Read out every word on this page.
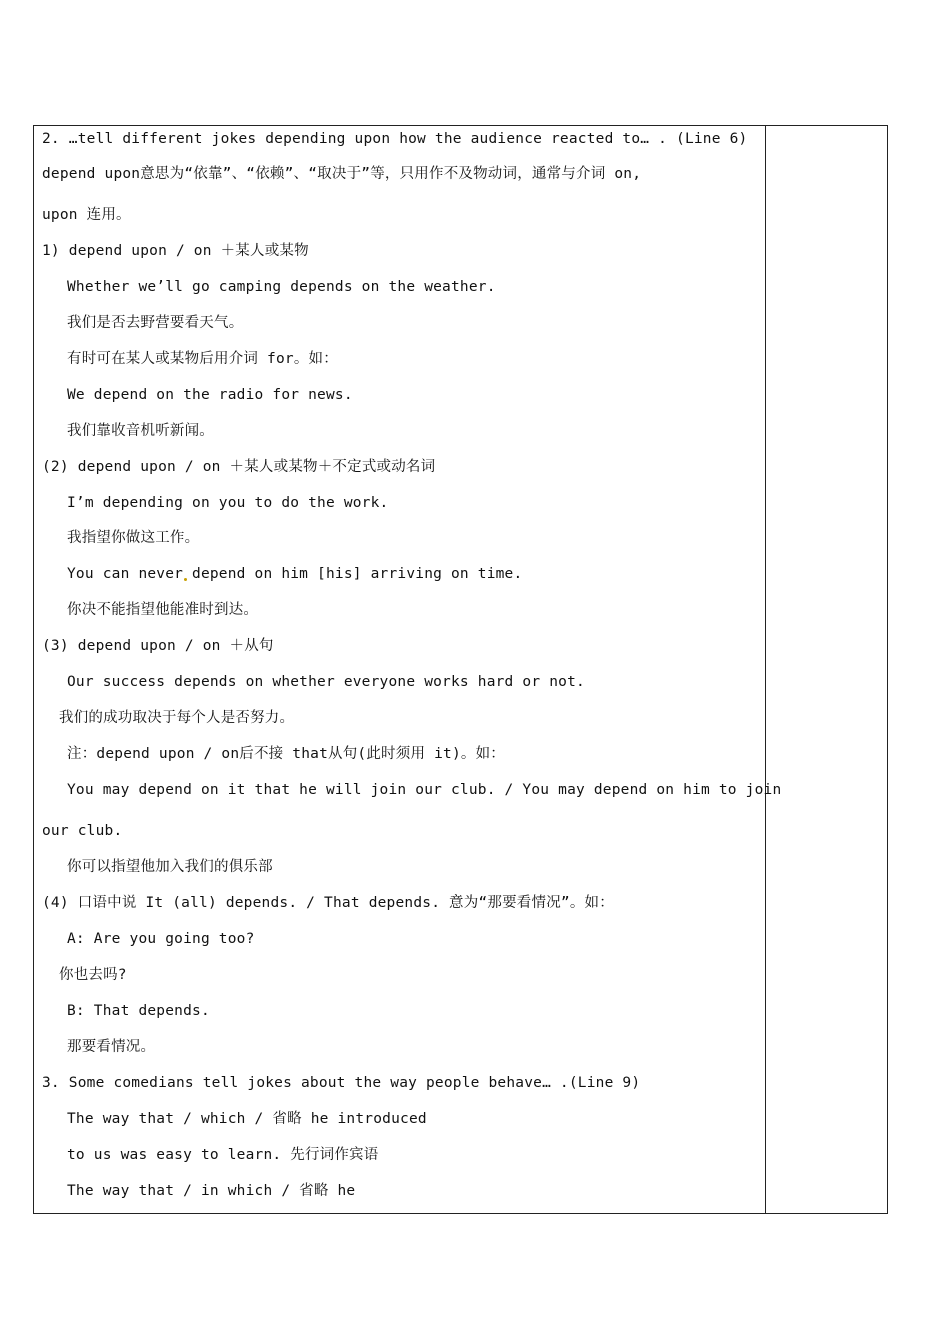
2. …tell different jokes depending upon how the audience reacted to… . (Line 6)
depend upon意思为“依靠”、“依赖”、“取决于”等，只用作不及物动词，通常与介词 on,
upon 连用。
1) depend upon / on ＋某人或某物
Whether we’ll go camping depends on the weather.
我们是否去野营要看天气。
有时可在某人或某物后用介词 for。如：
We depend on the radio for news.
我们靠收音机听新闻。
(2) depend upon / on ＋某人或某物＋不定式或动名词
I’m depending on you to do the work.
我指望你做这工作。
You can never depend on him [his] arriving on time.
你决不能指望他能准时到达。
(3) depend upon / on ＋从句
Our success depends on whether everyone works hard or not.
我们的成功取决于每个人是否努力。
注：depend upon / on后不接 that从句(此时须用 it)。如：
You may depend on it that he will join our club. / You may depend on him to join
our club.
你可以指望他加入我们的俱乐部
(4) 口语中说 It (all) depends. / That depends. 意为“那要看情况”。如：
A: Are you going too?
你也去吗?
B: That depends.
那要看情况。
3. Some comedians tell jokes about the way people behave… .(Line 9)
The way that / which / 省略 he introduced
to us was easy to learn. 先行词作宾语
The way that / in which / 省略 he
